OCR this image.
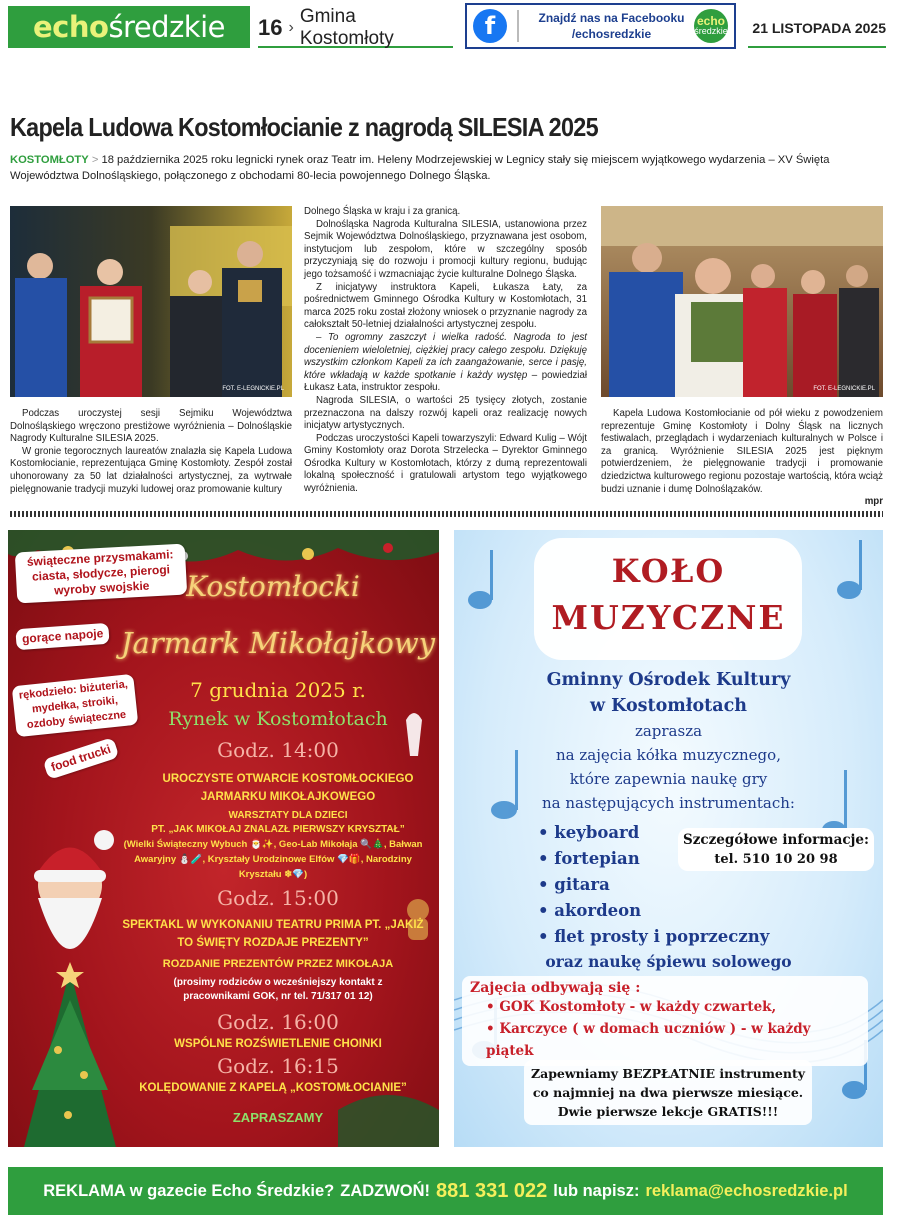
echo średzkie 16 ›
Gmina Kostomłoty	f	Znajdź nas na Facebooku
/echosredzkie
echo
średzkie	21 LISTOPADA 2025
Kapela Ludowa Kostomłocianie z nagrodą SILESIA 2025
KOSTOMŁOTY > 18 października 2025 roku legnicki rynek oraz Teatr im. Heleny Modrzejewskiej w Legnicy stały się miejscem wyjątkowego wydarzenia – XV Święta Województwa Dolnośląskiego, połączonego z obchodami 80-lecia powojennego Dolnego Śląska.
FOT. E-LEGNICKIE.PL	FOT. E-LEGNICKIE.PL

Podczas uroczystej sesji Sejmiku Województwa Dolnośląskiego wręczono prestiżowe wyróżnienia – Dolnośląskie Nagrody Kulturalne SILESIA 2025.

W gronie tegorocznych laureatów znalazła się Kapela Ludowa Kostomłocianie, reprezentująca Gminę Kostomłoty. Zespół został uhonorowany za 50 lat działalności artystycznej, za wytrwałe pielęgnowanie tradycji muzyki ludowej oraz promowanie kultury

Dolnego Śląska w kraju i za granicą.

Dolnośląska Nagroda Kulturalna SILESIA, ustanowiona przez Sejmik Województwa Dolnośląskiego, przyznawana jest osobom, instytucjom lub zespołom, które w szczególny sposób przyczyniają się do rozwoju i promocji kultury regionu, budując jego tożsamość i wzmacniając życie kulturalne Dolnego Śląska.

Z inicjatywy instruktora Kapeli, Łukasza Łaty, za pośrednictwem Gminnego Ośrodka Kultury w Kostomłotach, 31 marca 2025 roku został złożony wniosek o przyznanie nagrody za całokształt 50-letniej działalności artystycznej zespołu.

– To ogromny zaszczyt i wielka radość. Nagroda to jest docenieniem wieloletniej, ciężkiej pracy całego zespołu. Dziękuję wszystkim członkom Kapeli za ich zaangażowanie, serce i pasję, które wkładają w każde spotkanie i każdy występ – powiedział Łukasz Łata, instruktor zespołu.

Nagroda SILESIA, o wartości 25 tysięcy złotych, zostanie przeznaczona na dalszy rozwój kapeli oraz realizację nowych inicjatyw artystycznych.

Podczas uroczystości Kapeli towarzyszyli: Edward Kulig – Wójt Gminy Kostomłoty oraz Dorota Strzelecka – Dyrektor Gminnego Ośrodka Kultury w Kostomłotach, którzy z dumą reprezentowali lokalną społeczność i gratulowali artystom tego wyjątkowego wyróżnienia.

Kapela Ludowa Kostomłocianie od pół wieku z powodzeniem reprezentuje Gminę Kostomłoty i Dolny Śląsk na licznych festiwalach, przeglądach i wydarzeniach kulturalnych w Polsce i za granicą. Wyróżnienie SILESIA 2025 jest pięknym potwierdzeniem, że pielęgnowanie tradycji i promowanie dziedzictwa kulturowego regionu pozostaje wartością, która wciąż budzi uznanie i dumę Dolnoślązaków.

mpr

świąteczne przysmakami: ciasta, słodycze, pierogi wyroby swojskie
gorące napoje
rękodzieło: biżuteria, mydełka, stroiki, ozdoby świąteczne
food trucki
Kostomłocki
Jarmark Mikołajkowy
7 grudnia 2025 r.
Rynek w Kostomłotach
Godz. 14:00
UROCZYSTE OTWARCIE KOSTOMŁOCKIEGO JARMARKU MIKOŁAJKOWEGO
WARSZTATY DLA DZIECI
PT. „JAK MIKOŁAJ ZNALAZŁ PIERWSZY KRYSZTAŁ”
(Wielki Świąteczny Wybuch 🎅✨, Geo-Lab Mikołaja 🔍🎄, Bałwan Awaryjny ⛄🧪, Kryształy Urodzinowe Elfów 💎🎁, Narodziny Kryształu ❄💎)
Godz. 15:00
SPEKTAKL W WYKONANIU TEATRU PRIMA PT. „JAKIŻ TO ŚWIĘTY ROZDAJE PREZENTY”
ROZDANIE PREZENTÓW PRZEZ MIKOŁAJA
(prosimy rodziców o wcześniejszy kontakt z pracownikami GOK, nr tel. 71/317 01 12)
Godz. 16:00
WSPÓLNE ROZŚWIETLENIE CHOINKI
Godz. 16:15
KOLĘDOWANIE Z KAPELĄ „KOSTOMŁOCIANIE”
ZAPRASZAMY
KOŁO
MUZYCZNE
Gminny Ośrodek Kultury
w Kostomłotach
zaprasza
na zajęcia kółka muzycznego,
które zapewnia naukę gry
na następujących instrumentach:
• keyboard
• fortepian
• gitara
• akordeon
• flet prosty i poprzeczny
Szczegółowe informacje:
tel. 510 10 20 98
oraz naukę śpiewu solowego
Zajęcia odbywają się :
• GOK Kostomłoty - w każdy czwartek,
• Karczyce ( w domach uczniów ) - w każdy piątek
Zapewniamy BEZPŁATNIE instrumenty
co najmniej na dwa pierwsze miesiące.
Dwie pierwsze lekcje GRATIS!!!
REKLAMA w gazecie Echo Średzkie? ZADZWOŃ! 881 331 022 lub napisz: reklama@echosredzkie.pl
